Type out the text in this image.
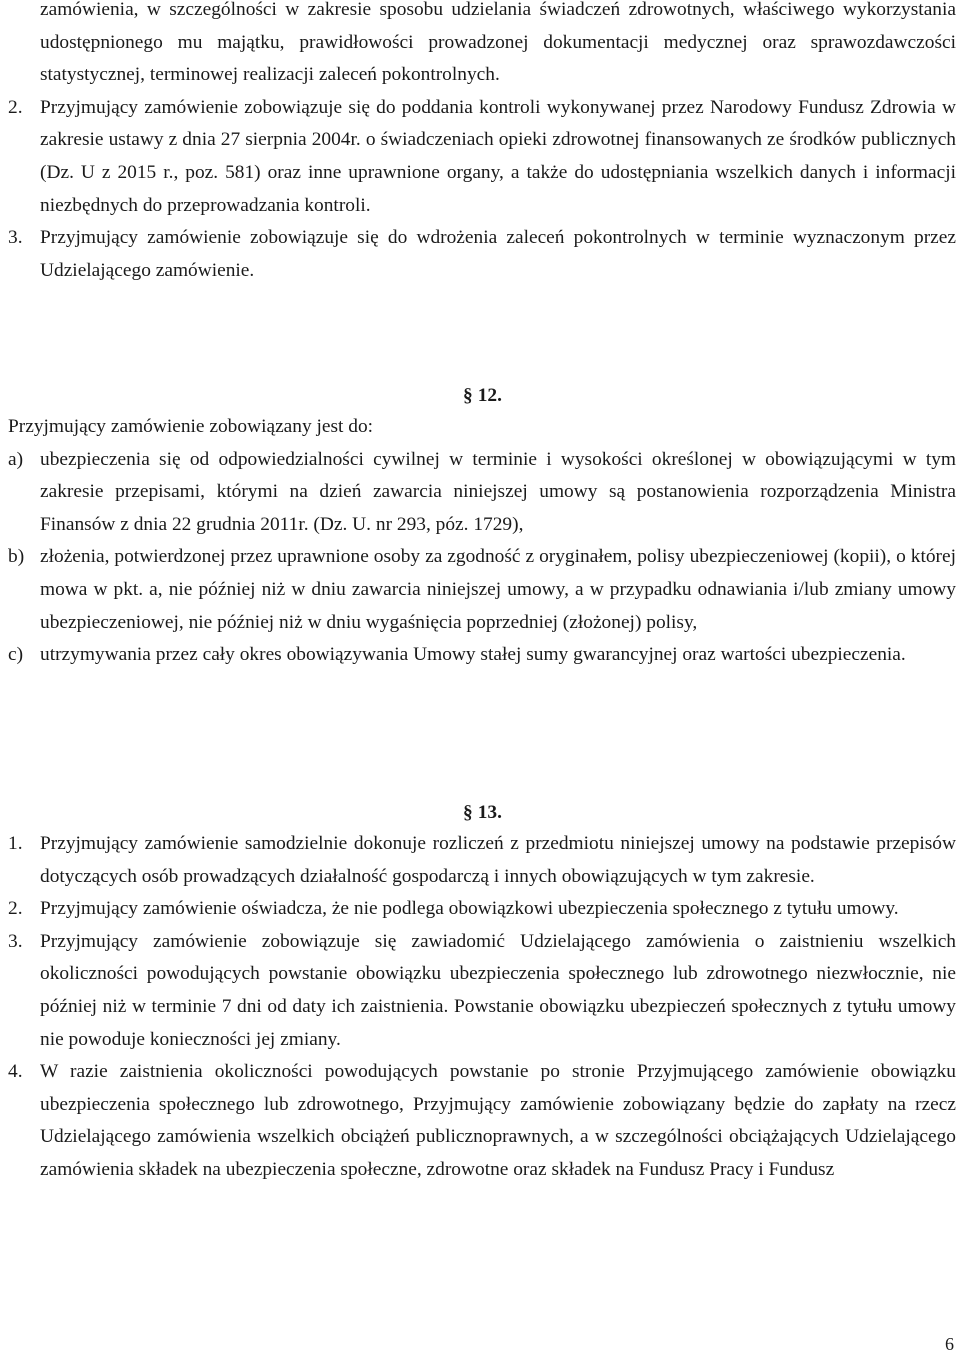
zamówienia, w szczególności w zakresie sposobu udzielania świadczeń zdrowotnych, właściwego wykorzystania udostępnionego mu majątku, prawidłowości prowadzonej dokumentacji medycznej oraz sprawozdawczości statystycznej, terminowej realizacji zaleceń pokontrolnych.
2. Przyjmujący zamówienie zobowiązuje się do poddania kontroli wykonywanej przez Narodowy Fundusz Zdrowia w zakresie ustawy z dnia 27 sierpnia 2004r. o świadczeniach opieki zdrowotnej finansowanych ze środków publicznych (Dz. U z 2015 r., poz. 581) oraz inne uprawnione organy, a także do udostępniania wszelkich danych i informacji niezbędnych do przeprowadzania kontroli.
3. Przyjmujący zamówienie zobowiązuje się do wdrożenia zaleceń pokontrolnych w terminie wyznaczonym przez Udzielającego zamówienie.
§ 12.
Przyjmujący zamówienie zobowiązany jest do:
a) ubezpieczenia się od odpowiedzialności cywilnej w terminie i wysokości określonej w obowiązującymi w tym zakresie przepisami, którymi na dzień zawarcia niniejszej umowy są postanowienia rozporządzenia Ministra Finansów z dnia 22 grudnia 2011r. (Dz. U. nr 293, póz. 1729),
b) złożenia, potwierdzonej przez uprawnione osoby za zgodność z oryginałem, polisy ubezpieczeniowej (kopii), o której mowa w pkt. a, nie później niż w dniu zawarcia niniejszej umowy, a w przypadku odnawiania i/lub zmiany umowy ubezpieczeniowej, nie później niż w dniu wygaśnięcia poprzedniej (złożonej) polisy,
c) utrzymywania przez cały okres obowiązywania Umowy stałej sumy gwarancyjnej oraz wartości ubezpieczenia.
§ 13.
1. Przyjmujący zamówienie samodzielnie dokonuje rozliczeń z przedmiotu niniejszej umowy na podstawie przepisów dotyczących osób prowadzących działalność gospodarczą i innych obowiązujących w tym zakresie.
2. Przyjmujący zamówienie oświadcza, że nie podlega obowiązkowi ubezpieczenia społecznego z tytułu umowy.
3. Przyjmujący zamówienie zobowiązuje się zawiadomić Udzielającego zamówienia o zaistnieniu wszelkich okoliczności powodujących powstanie obowiązku ubezpieczenia społecznego lub zdrowotnego niezwłocznie, nie później niż w terminie 7 dni od daty ich zaistnienia. Powstanie obowiązku ubezpieczeń społecznych z tytułu umowy nie powoduje konieczności jej zmiany.
4. W razie zaistnienia okoliczności powodujących powstanie po stronie Przyjmującego zamówienie obowiązku ubezpieczenia społecznego lub zdrowotnego, Przyjmujący zamówienie zobowiązany będzie do zapłaty na rzecz Udzielającego zamówienia wszelkich obciążeń publicznoprawnych, a w szczególności obciążających Udzielającego zamówienia składek na ubezpieczenia społeczne, zdrowotne oraz składek na Fundusz Pracy i Fundusz
6
